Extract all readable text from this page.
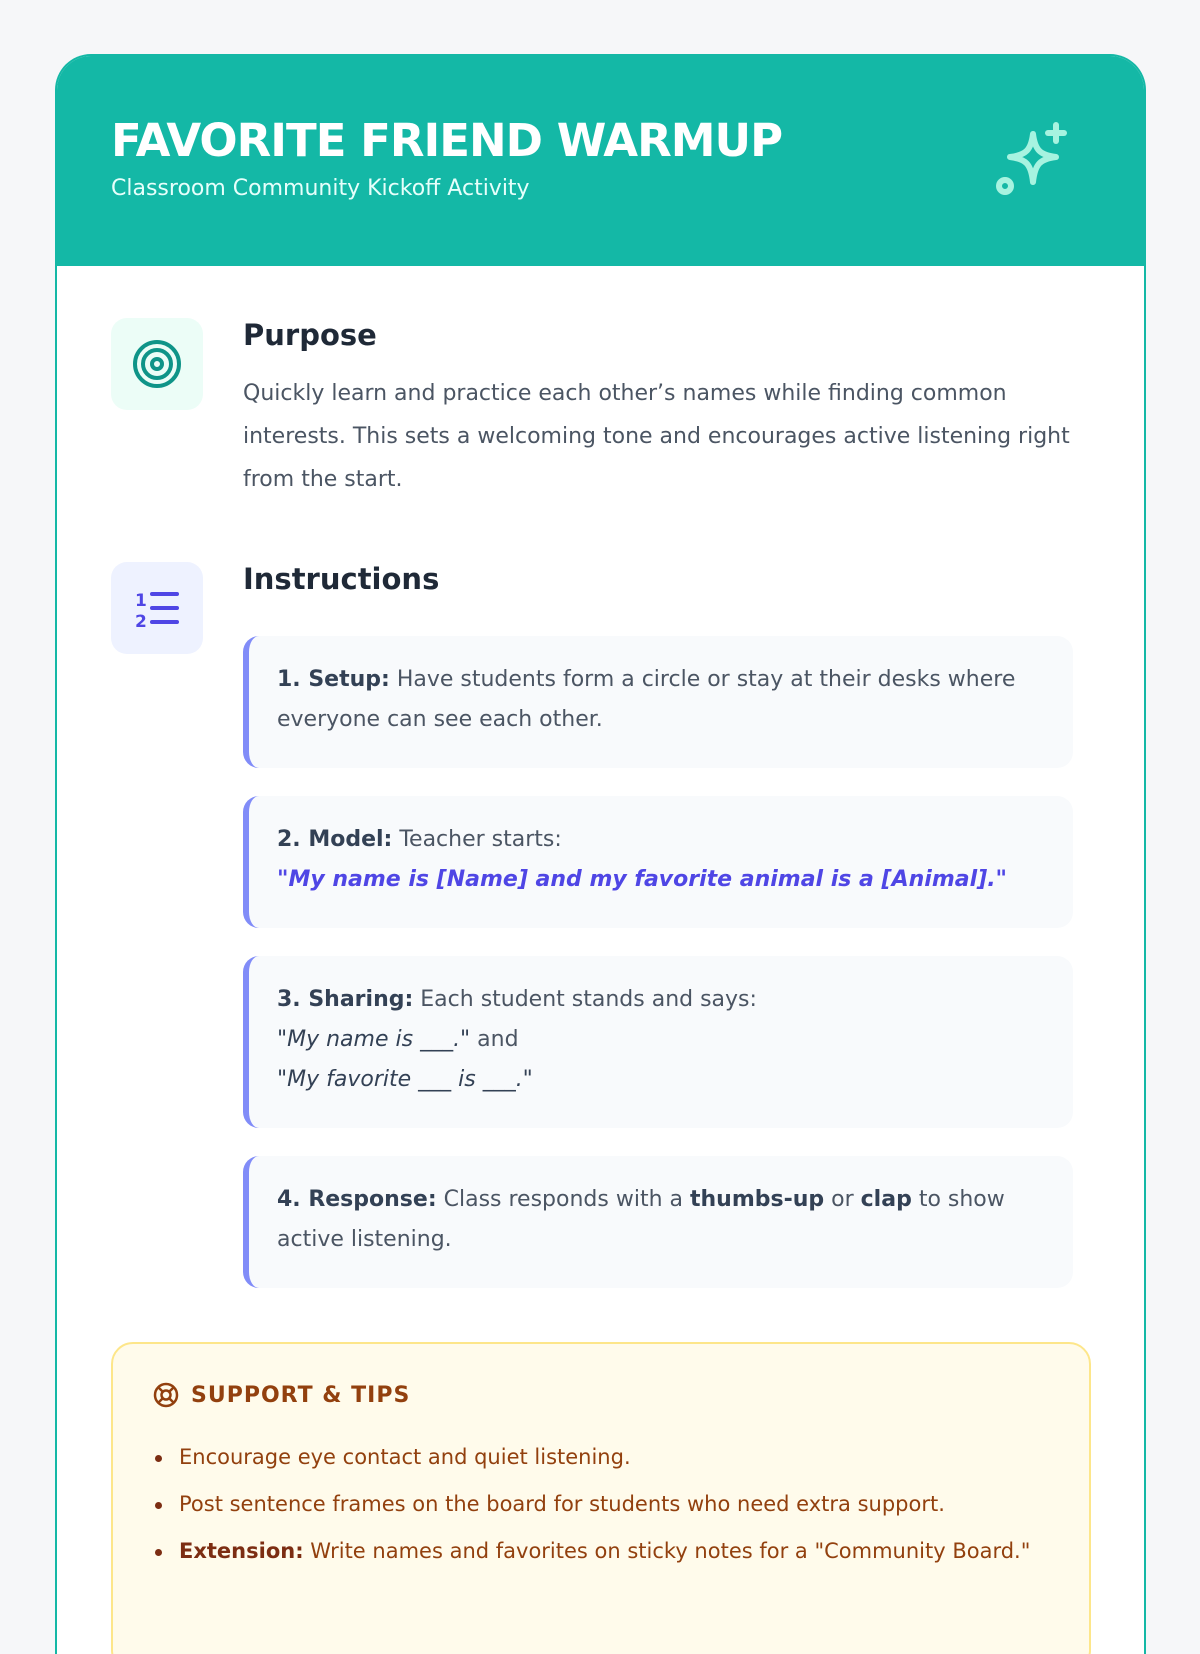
FAVORITE FRIEND WARMUP
Classroom Community Kickoff Activity
Purpose
Quickly learn and practice each other’s names while finding common interests. This sets a welcoming tone and encourages active listening right from the start.
1
2
Instructions
1. Setup: Have students form a circle or stay at their desks where everyone can see each other.
2. Model: Teacher starts:
"My name is [Name] and my favorite animal is a [Animal]."
3. Sharing: Each student stands and says:
"My name is ___." and
"My favorite ___ is ___."
4. Response: Class responds with a thumbs-up or clap to show active listening.
SUPPORT & TIPS
Encourage eye contact and quiet listening.
Post sentence frames on the board for students who need extra support.
Extension: Write names and favorites on sticky notes for a "Community Board."
